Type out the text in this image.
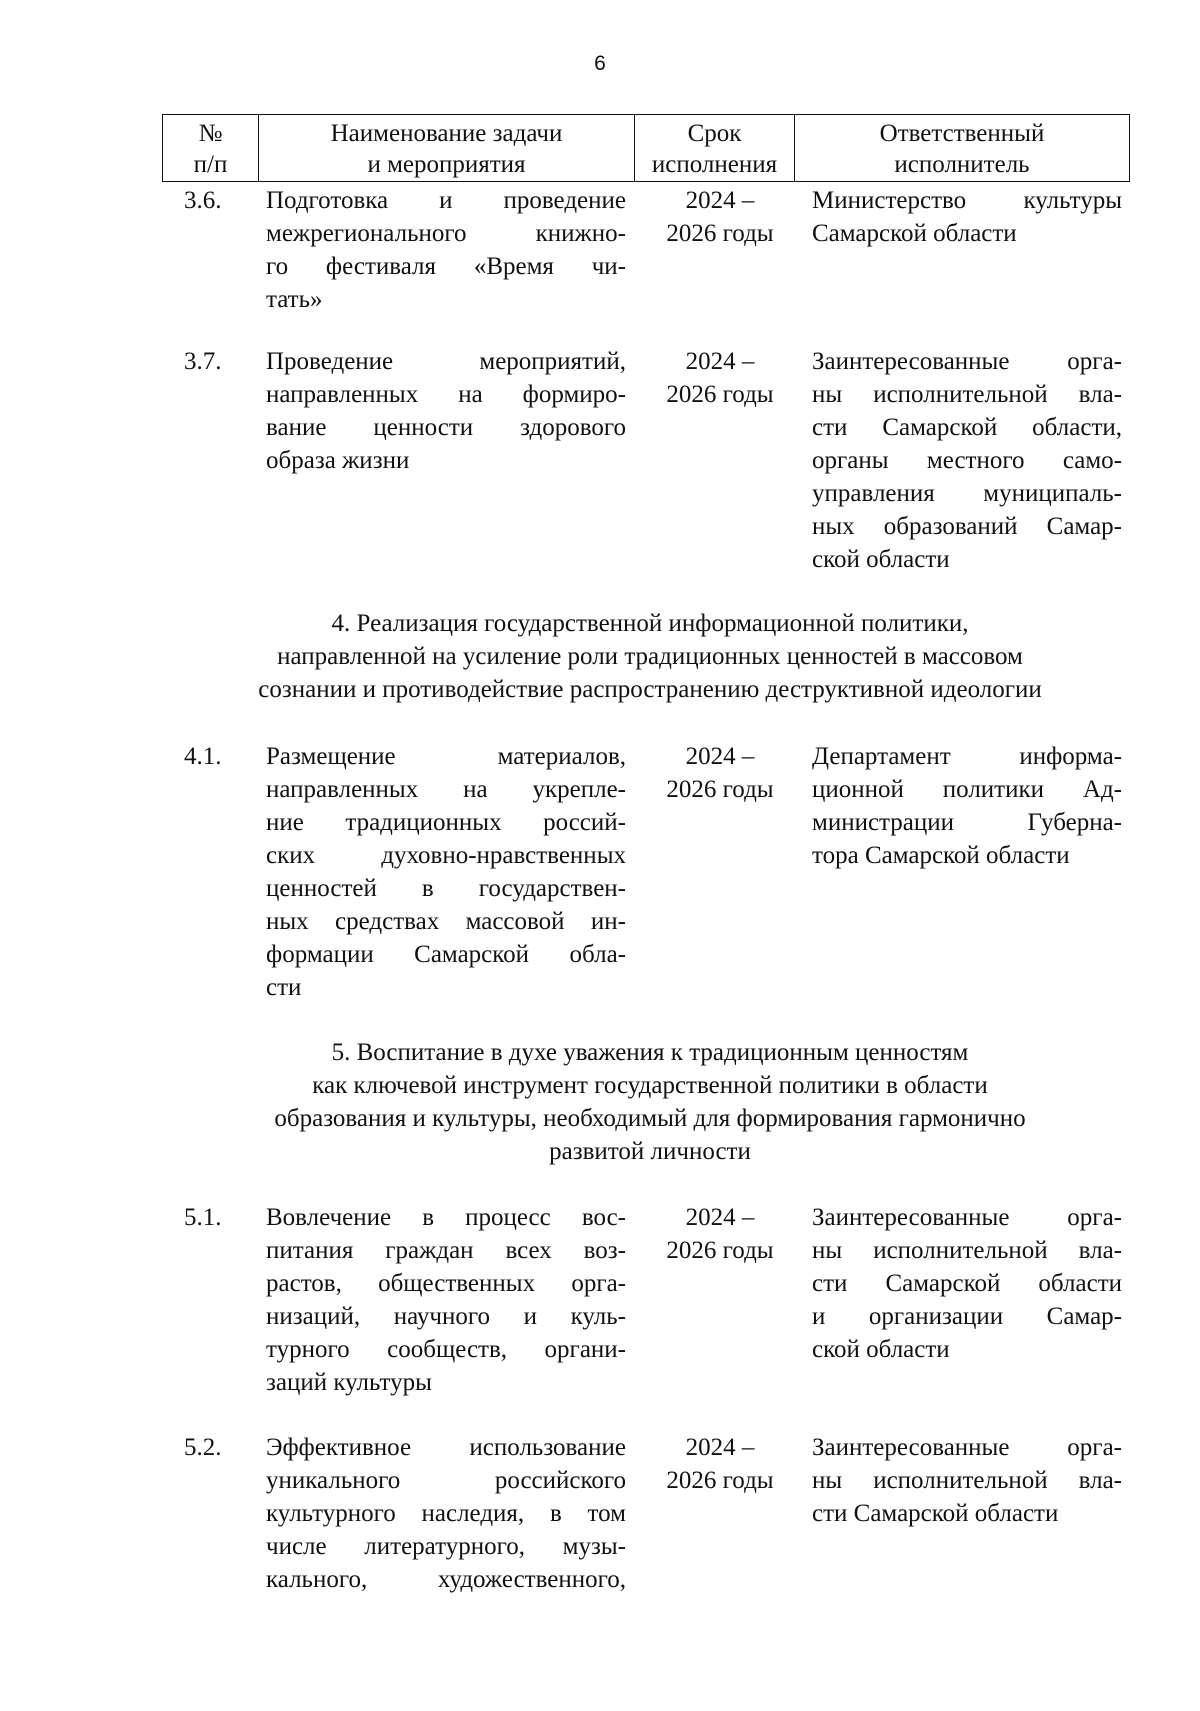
6
№
п/п
Наименование задачи
и мероприятия
Срок
исполнения
Ответственный
исполнитель
3.6. Подготовка и проведение
межрегионального книжно-
го фестиваля «Время чи-
тать»
2024 –
2026 годы
Министерство культуры
Самарской области
3.7. Проведение мероприятий,
направленных на формиро-
вание ценности здорового
образа жизни
2024 –
2026 годы
Заинтересованные орга-
ны исполнительной вла-
сти Самарской области,
органы местного само-
управления муниципаль-
ных образований Самар-
ской области
4. Реализация государственной информационной политики,
направленной на усиление роли традиционных ценностей в массовом
сознании и противодействие распространению деструктивной идеологии
4.1. Размещение материалов,
направленных на укрепле-
ние традиционных россий-
ских духовно-нравственных
ценностей в государствен-
ных средствах массовой ин-
формации Самарской обла-
сти
2024 –
2026 годы
Департамент информа-
ционной политики Ад-
министрации Губерна-
тора Самарской области
5. Воспитание в духе уважения к традиционным ценностям
как ключевой инструмент государственной политики в области
образования и культуры, необходимый для формирования гармонично
развитой личности
5.1. Вовлечение в процесс вос-
питания граждан всех воз-
растов, общественных орга-
низаций, научного и куль-
турного сообществ, органи-
заций культуры
2024 –
2026 годы
Заинтересованные орга-
ны исполнительной вла-
сти Самарской области
и организации Самар-
ской области
5.2. Эффективное использование
уникального российского
культурного наследия, в том
числе литературного, музы-
кального, художественного,
2024 –
2026 годы
Заинтересованные орга-
ны исполнительной вла-
сти Самарской области
